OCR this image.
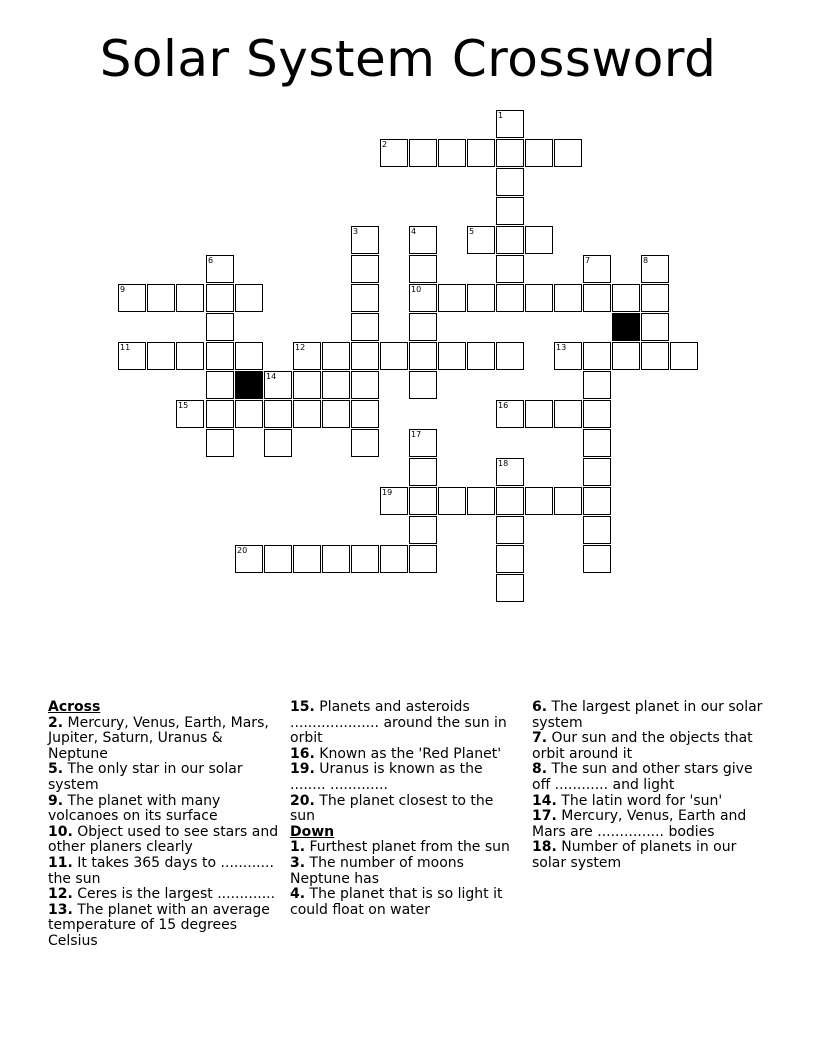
Solar System Crossword
1
2
3	4
10
5
6
9
7	8
11	12	13
14
15	16
17
18
19
20

Across

2. Mercury, Venus, Earth, Mars, Jupiter, Saturn, Uranus & Neptune

5. The only star in our solar system

9. The planet with many volcanoes on its surface

10. Object used to see stars and other planers clearly

11. It takes 365 days to ............ the sun

12. Ceres is the largest .............

13. The planet with an average temperature of 15 degrees Celsius

15. Planets and asteroids .................... around the sun in orbit

16. Known as the 'Red Planet'

19. Uranus is known as the ........ .............

20. The planet closest to the sun

Down

1. Furthest planet from the sun

3. The number of moons Neptune has

4. The planet that is so light it could float on water

6. The largest planet in our solar system

7. Our sun and the objects that orbit around it

8. The sun and other stars give off ............ and light

14. The latin word for 'sun'

17. Mercury, Venus, Earth and Mars are ............... bodies

18. Number of planets in our solar system
